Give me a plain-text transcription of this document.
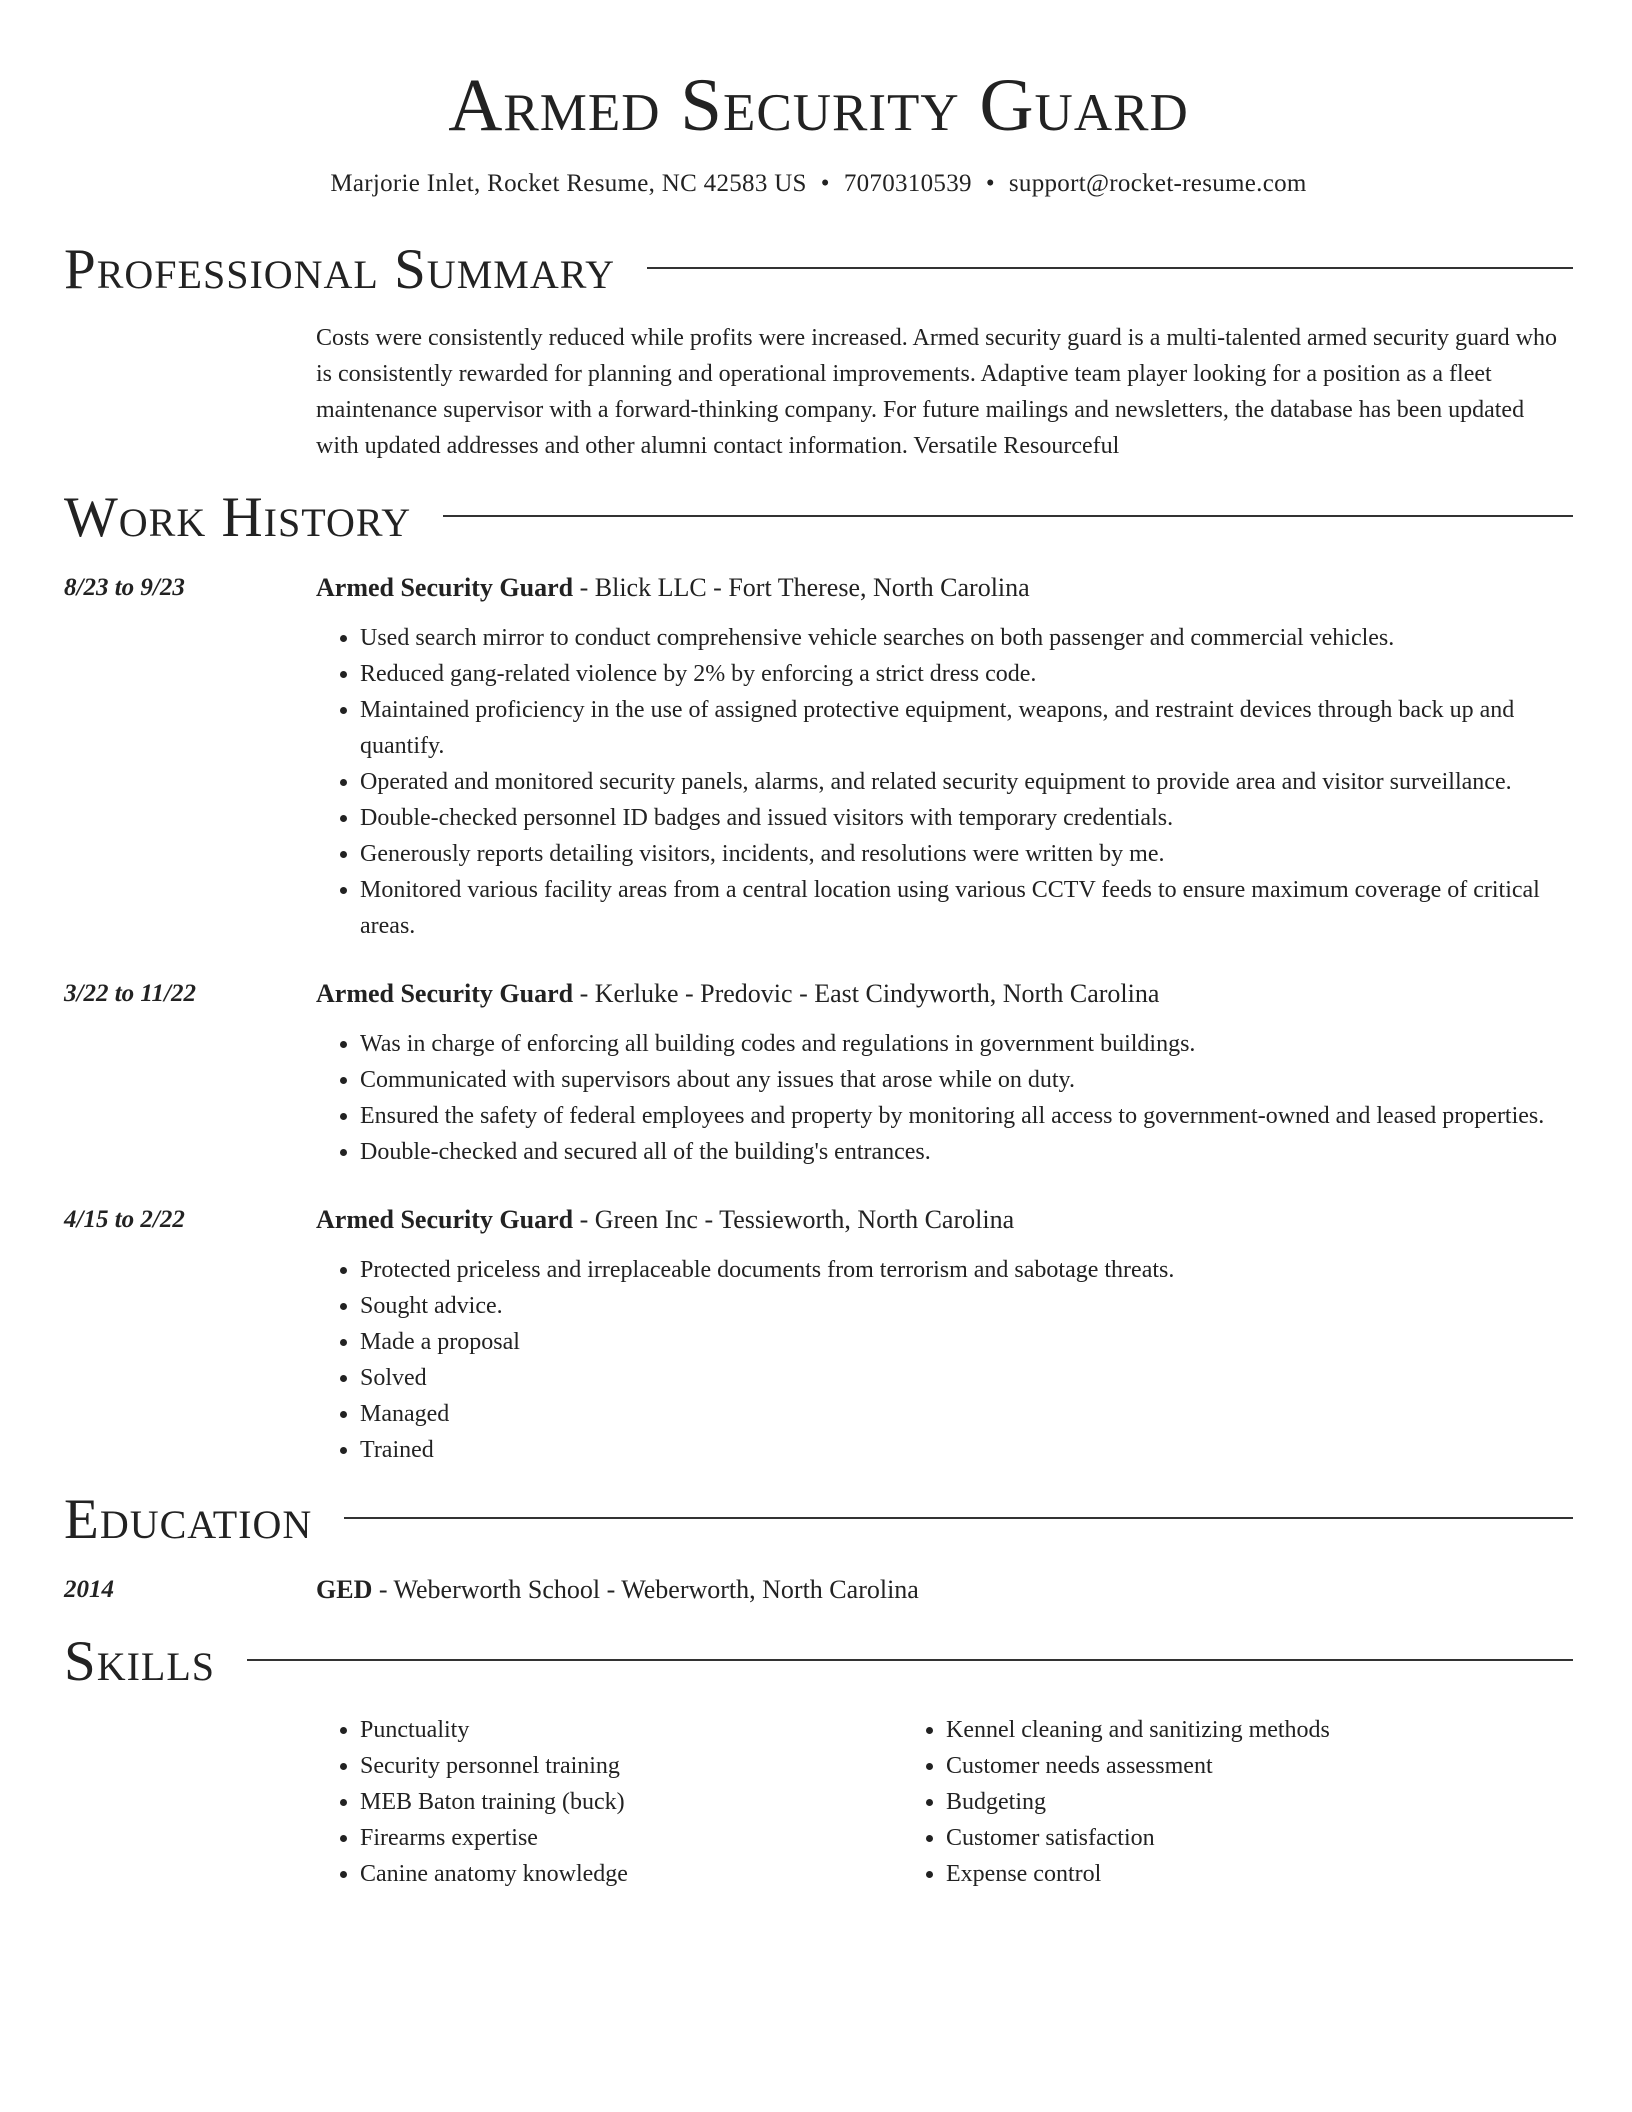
Armed Security Guard
Marjorie Inlet, Rocket Resume, NC 42583 US • 7070310539 • support@rocket-resume.com
Professional Summary
Costs were consistently reduced while profits were increased. Armed security guard is a multi-talented armed security guard who is consistently rewarded for planning and operational improvements. Adaptive team player looking for a position as a fleet maintenance supervisor with a forward-thinking company. For future mailings and newsletters, the database has been updated with updated addresses and other alumni contact information. Versatile Resourceful
Work History
8/23 to 9/23	Armed Security Guard - Blick LLC - Fort Therese, North Carolina
• Used search mirror to conduct comprehensive vehicle searches on both passenger and commercial vehicles.
• Reduced gang-related violence by 2% by enforcing a strict dress code.
• Maintained proficiency in the use of assigned protective equipment, weapons, and restraint devices through back up and quantify.
• Operated and monitored security panels, alarms, and related security equipment to provide area and visitor surveillance.
• Double-checked personnel ID badges and issued visitors with temporary credentials.
• Generously reports detailing visitors, incidents, and resolutions were written by me.
• Monitored various facility areas from a central location using various CCTV feeds to ensure maximum coverage of critical areas.
3/22 to 11/22	Armed Security Guard - Kerluke - Predovic - East Cindyworth, North Carolina
• Was in charge of enforcing all building codes and regulations in government buildings.
• Communicated with supervisors about any issues that arose while on duty.
• Ensured the safety of federal employees and property by monitoring all access to government-owned and leased properties.
• Double-checked and secured all of the building's entrances.
4/15 to 2/22	Armed Security Guard - Green Inc - Tessieworth, North Carolina
• Protected priceless and irreplaceable documents from terrorism and sabotage threats.
• Sought advice.
• Made a proposal
• Solved
• Managed
• Trained
Education
2014	GED - Weberworth School - Weberworth, North Carolina
Skills
• Punctuality
• Security personnel training
• MEB Baton training (buck)
• Firearms expertise
• Canine anatomy knowledge
• Kennel cleaning and sanitizing methods
• Customer needs assessment
• Budgeting
• Customer satisfaction
• Expense control
